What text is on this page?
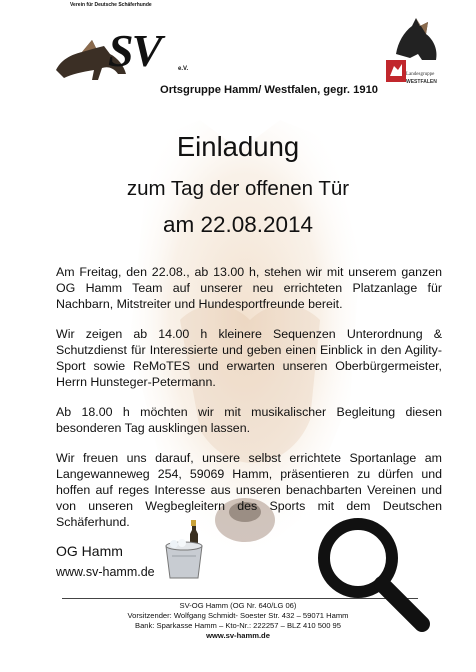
Verein für Deutsche Schäferhunde
SV	e.V.
Ortsgruppe Hamm/ Westfalen, gegr. 1910
Landesgruppe
WESTFALEN
Einladung
zum Tag der offenen Tür
am 22.08.2014

Am Freitag, den 22.08., ab 13.00 h, stehen wir mit unserem ganzen OG Hamm Team auf unserer neu errichteten Platzanlage für Nachbarn, Mitstreiter und Hundesportfreunde bereit.

Wir zeigen ab 14.00 h kleinere Sequenzen Unterordnung & Schutzdienst für Interessierte und geben einen Einblick in den Agility-Sport sowie ReMoTES und erwarten unseren Oberbürgermeister, Herrn Hunsteger-Petermann.

Ab 18.00 h möchten wir mit musikalischer Begleitung diesen besonderen Tag ausklingen lassen.

Wir freuen uns darauf, unsere selbst errichtete Sportanlage am Langewanneweg 254, 59069 Hamm, präsentieren zu dürfen und hoffen auf reges Interesse aus unseren benachbarten Vereinen und von unseren Wegbegleitern des Sports mit dem Deutschen Schäferhund.

OG Hamm
www.sv-hamm.de
SV-OG Hamm (OG Nr. 640/LG 06)
Vorsitzender: Wolfgang Schmidt- Soester Str. 432 – 59071 Hamm
Bank: Sparkasse Hamm – Kto-Nr.: 222257 – BLZ 410 500 95
www.sv-hamm.de
